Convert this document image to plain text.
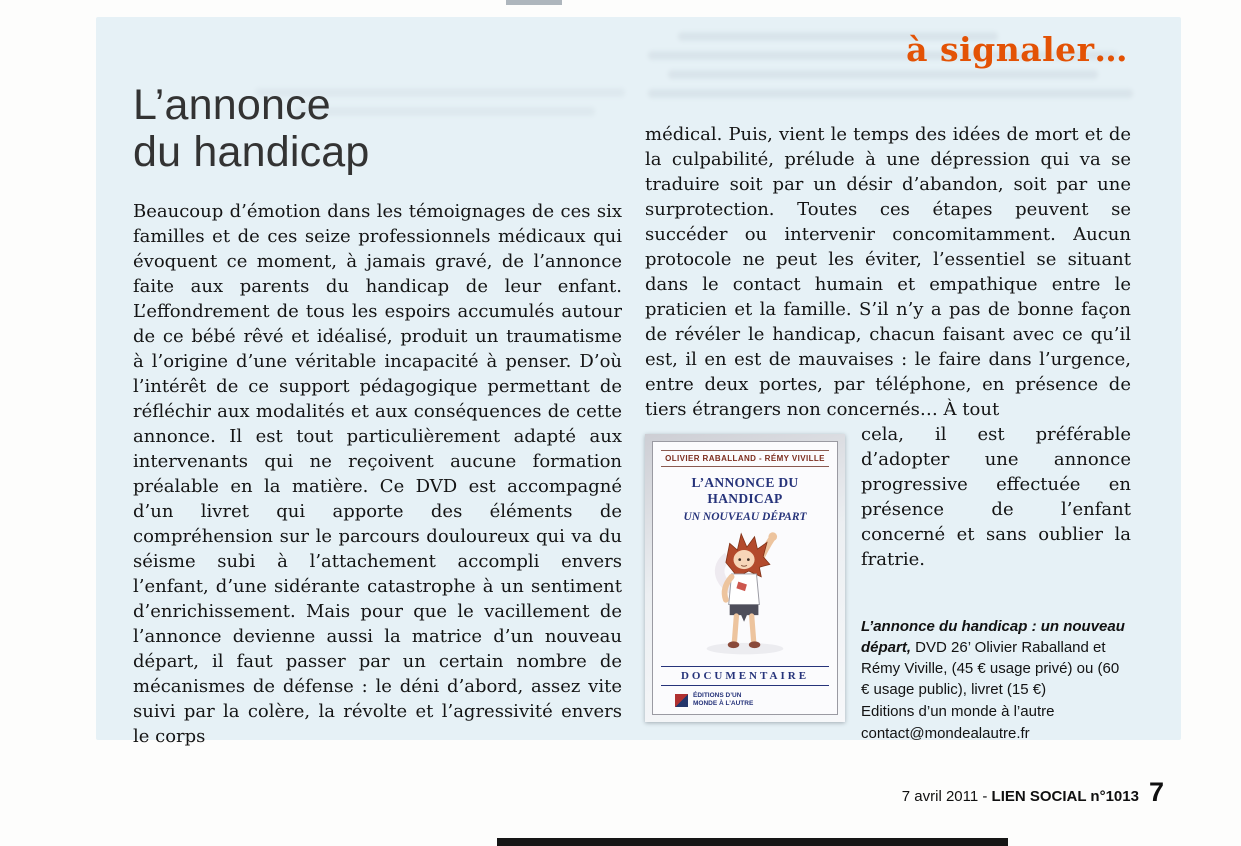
à signaler…
L’annonce
du handicap

Beaucoup d’émotion dans les témoignages de ces six familles et de ces seize professionnels médicaux qui évoquent ce moment, à jamais gravé, de l’annonce faite aux parents du handicap de leur enfant. L’effondrement de tous les espoirs accumulés autour de ce bébé rêvé et idéalisé, produit un traumatisme à l’origine d’une véritable incapacité à penser. D’où l’intérêt de ce support pédagogique permettant de réfléchir aux modalités et aux conséquences de cette annonce. Il est tout particulièrement adapté aux intervenants qui ne reçoivent aucune formation préalable en la matière. Ce DVD est accompagné d’un livret qui apporte des éléments de compréhension sur le parcours douloureux qui va du séisme subi à l’attachement accompli envers l’enfant, d’une sidérante catastrophe à un sentiment d’enrichissement. Mais pour que le vacillement de l’annonce devienne aussi la matrice d’un nouveau départ, il faut passer par un certain nombre de mécanismes de défense : le déni d’abord, assez vite suivi par la colère, la révolte et l’agressivité envers le corps

médical. Puis, vient le temps des idées de mort et de la culpabilité, prélude à une dépression qui va se traduire soit par un désir d’abandon, soit par une surprotection. Toutes ces étapes peuvent se succéder ou intervenir concomitamment. Aucun protocole ne peut les éviter, l’essentiel se situant dans le contact humain et empathique entre le praticien et la famille. S’il n’y a pas de bonne façon de révéler le handicap, chacun faisant avec ce qu’il est, il en est de mauvaises : le faire dans l’urgence, entre deux portes, par téléphone, en présence de tiers étrangers non concernés… À tout

OLIVIER RABALLAND - RÉMY VIVILLE
L’ANNONCE DU HANDICAP
UN NOUVEAU DÉPART
DOCUMENTAIRE
ÉDITIONS D’UN MONDE À L’AUTRE

cela, il est préférable d’adopter une annonce progressive effectuée en présence de l’enfant concerné et sans oublier la fratrie.

L’annonce du handicap : un nouveau départ, DVD 26’ Olivier Raballand et Rémy Viville, (45 € usage privé) ou (60 € usage public), livret (15 €)
Editions d’un monde à l’autre
contact@mondealautre.fr
7 avril 2011 - LIEN SOCIAL n°1013 7
